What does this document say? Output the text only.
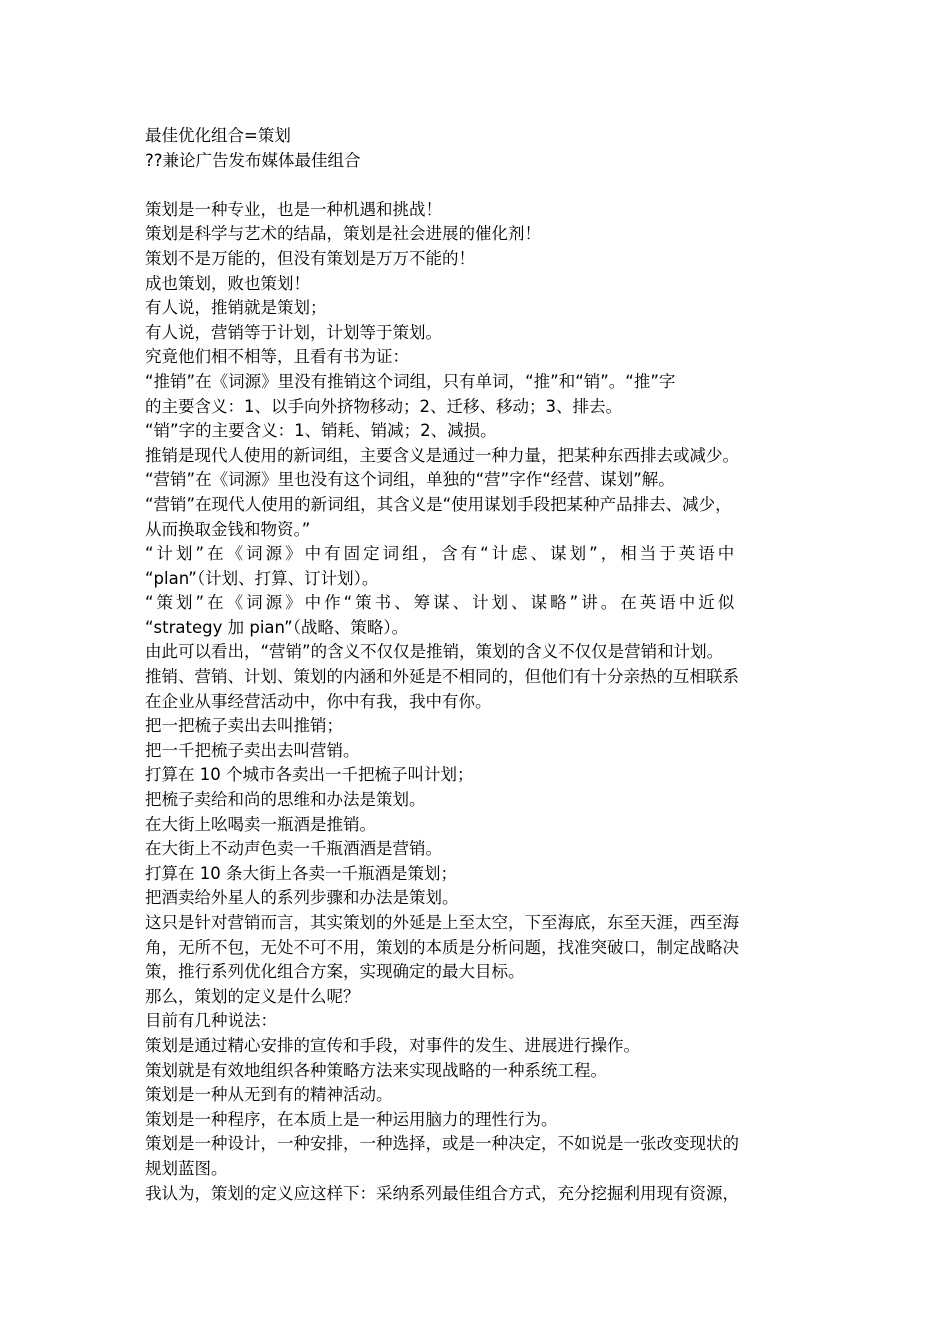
最佳优化组合=策划
??兼论广告发布媒体最佳组合
策划是一种专业，也是一种机遇和挑战！
策划是科学与艺术的结晶，策划是社会进展的催化剂！
策划不是万能的，但没有策划是万万不能的！
成也策划，败也策划！
有人说，推销就是策划；
有人说，营销等于计划，计划等于策划。
究竟他们相不相等，且看有书为证：
“推销”在《词源》里没有推销这个词组，只有单词，“推”和“销”。“推”字
的主要含义：1、以手向外挤物移动；2、迁移、移动；3、排去。
“销”字的主要含义：1、销耗、销减；2、减损。
推销是现代人使用的新词组，主要含义是通过一种力量，把某种东西排去或减少。
“营销”在《词源》里也没有这个词组，单独的“营”字作“经营、谋划”解。
“营销”在现代人使用的新词组，其含义是“使用谋划手段把某种产品排去、减少，
从而换取金钱和物资。”
“计划”在《词源》中有固定词组，含有“计虑、谋划”，相当于英语中
“plan”（计划、打算、订计划）。
“策划”在《词源》中作“策书、筹谋、计划、谋略”讲。在英语中近似
“strategy 加 pian”（战略、策略）。
由此可以看出，“营销”的含义不仅仅是推销，策划的含义不仅仅是营销和计划。
推销、营销、计划、策划的内涵和外延是不相同的，但他们有十分亲热的互相联系
在企业从事经营活动中，你中有我，我中有你。
把一把梳子卖出去叫推销；
把一千把梳子卖出去叫营销。
打算在 10 个城市各卖出一千把梳子叫计划；
把梳子卖给和尚的思维和办法是策划。
在大街上吆喝卖一瓶酒是推销。
在大街上不动声色卖一千瓶酒酒是营销。
打算在 10 条大街上各卖一千瓶酒是策划；
把酒卖给外星人的系列步骤和办法是策划。
这只是针对营销而言，其实策划的外延是上至太空，下至海底，东至天涯，西至海
角，无所不包，无处不可不用，策划的本质是分析问题，找准突破口，制定战略决
策，推行系列优化组合方案，实现确定的最大目标。
那么，策划的定义是什么呢？
目前有几种说法：
策划是通过精心安排的宣传和手段，对事件的发生、进展进行操作。
策划就是有效地组织各种策略方法来实现战略的一种系统工程。
策划是一种从无到有的精神活动。
策划是一种程序，在本质上是一种运用脑力的理性行为。
策划是一种设计，一种安排，一种选择，或是一种决定，不如说是一张改变现状的
规划蓝图。
我认为，策划的定义应这样下：采纳系列最佳组合方式，充分挖掘利用现有资源，
